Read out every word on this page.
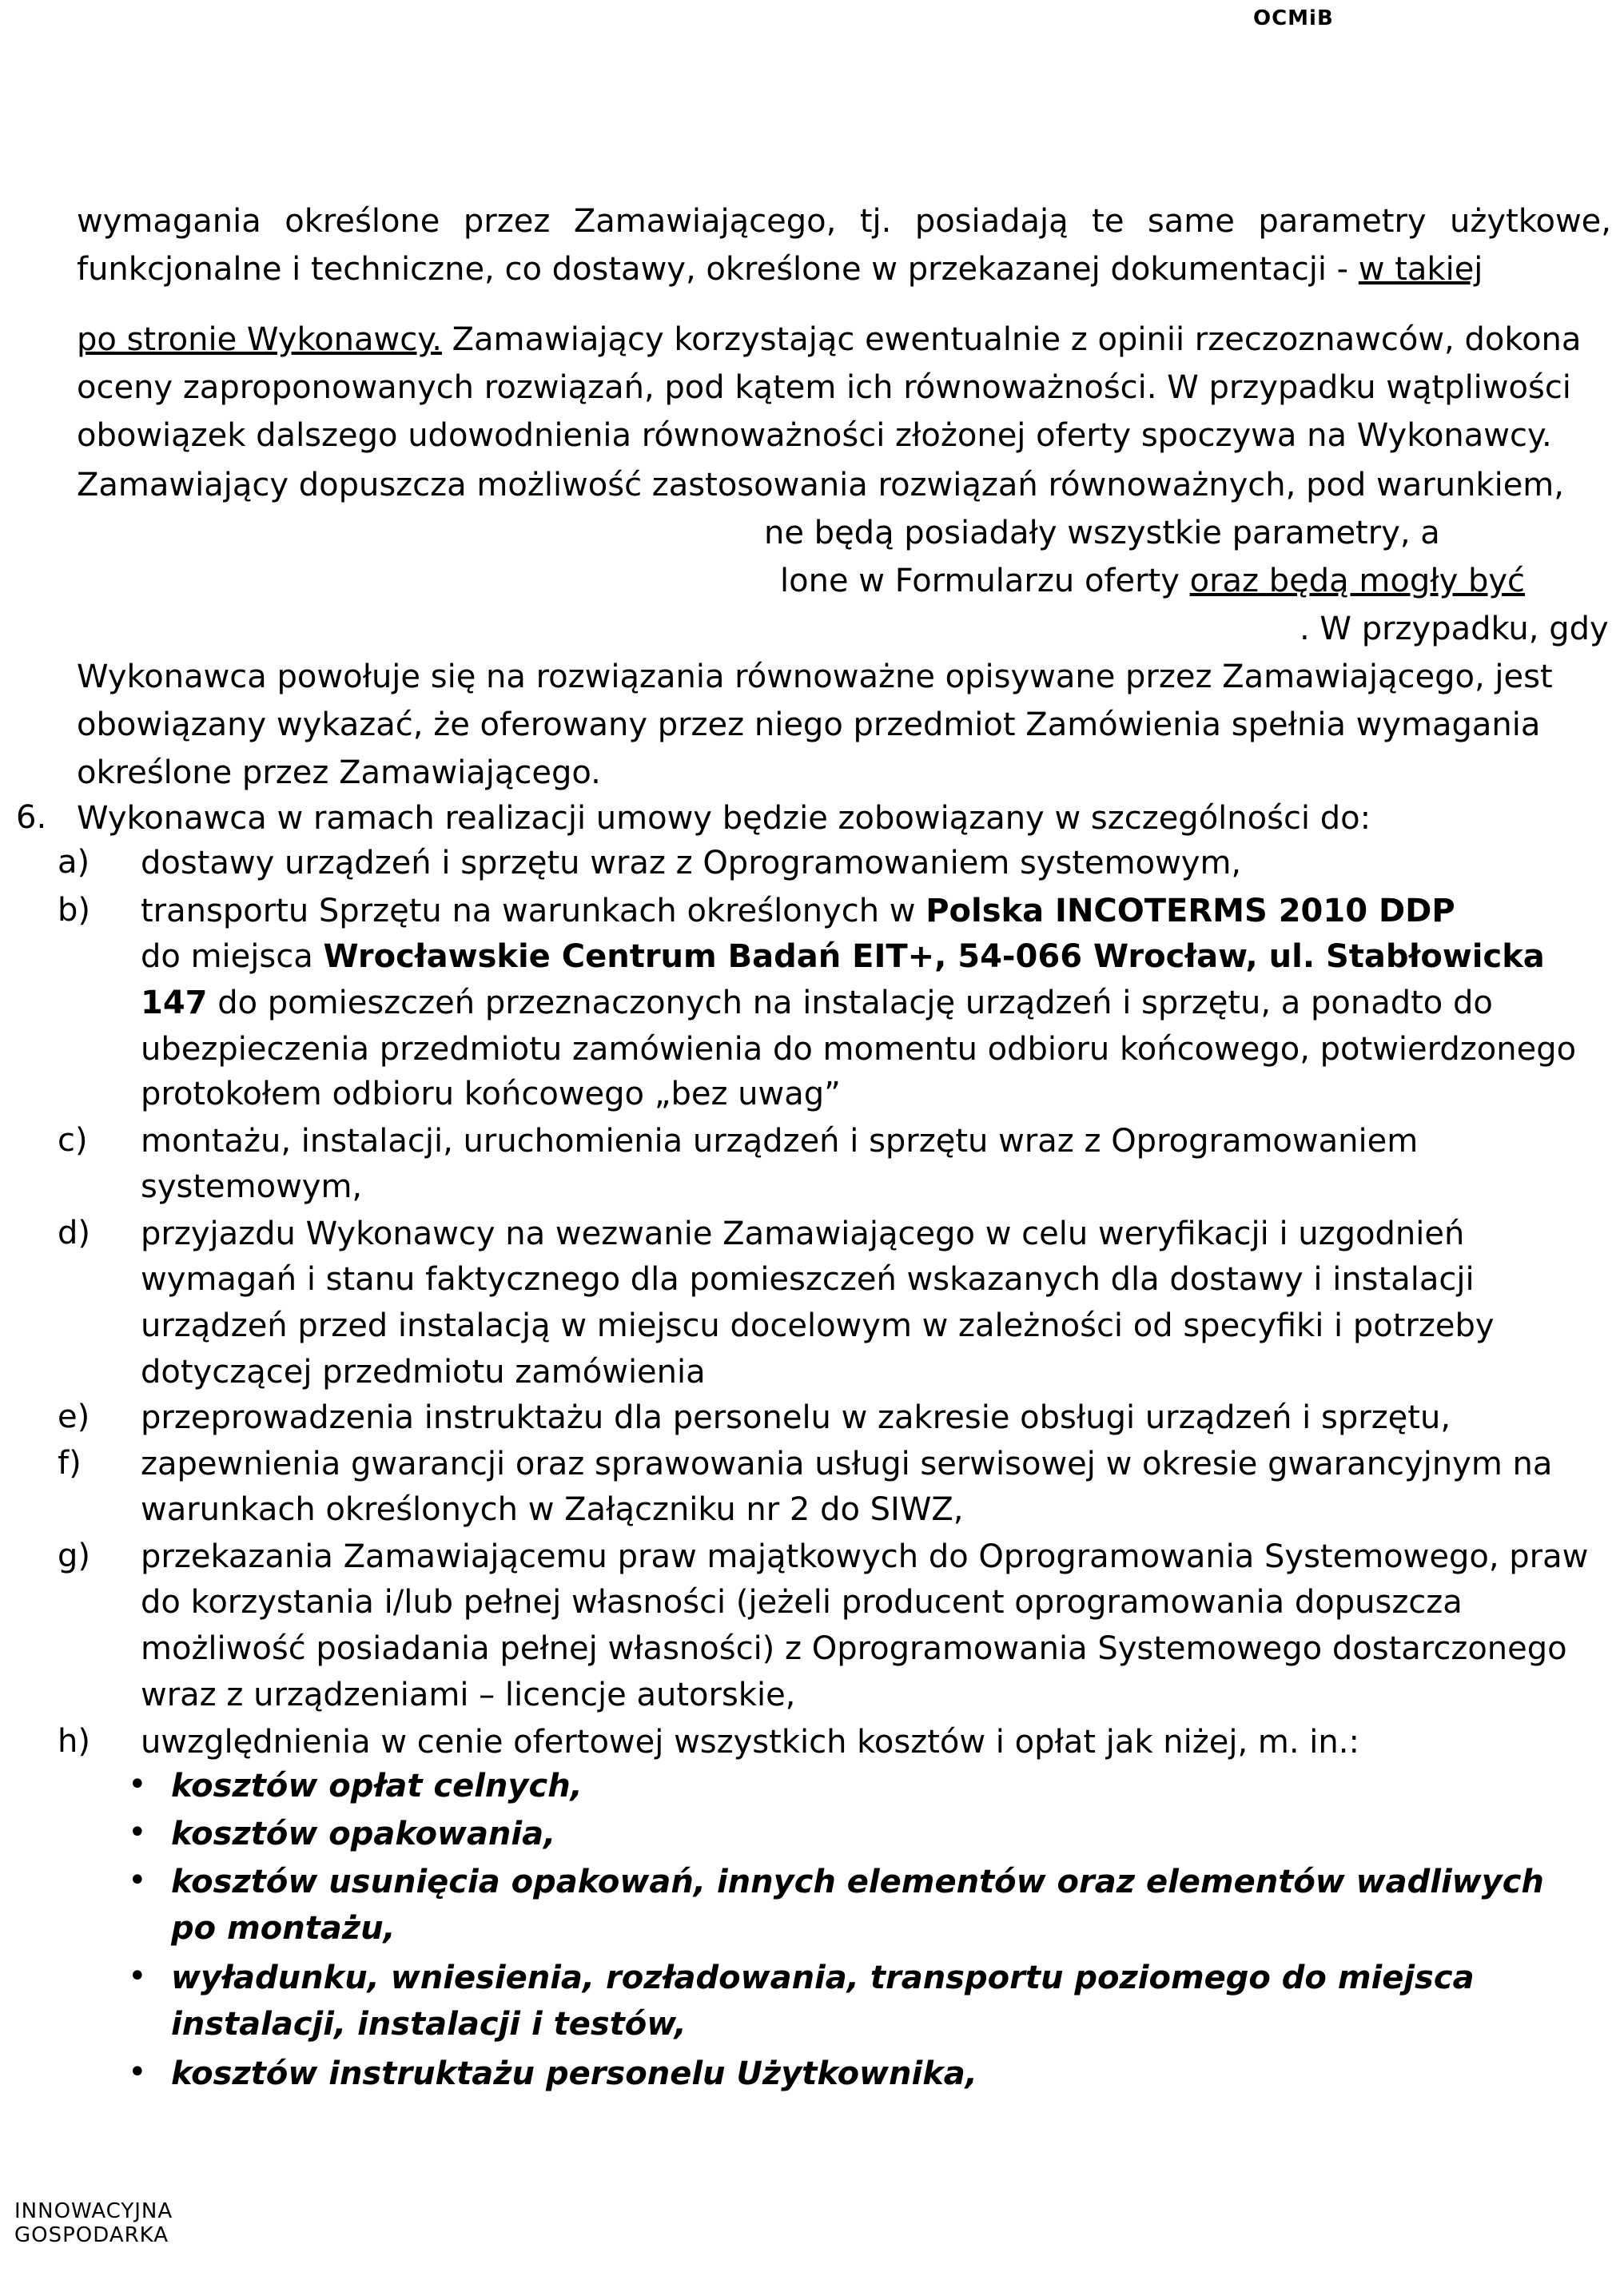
OCMiB
wymagania określone przez Zamawiającego, tj. posiadają te same parametry użytkowe,
funkcjonalne i techniczne, co dostawy, określone w przekazanej dokumentacji - w takiej
po stronie Wykonawcy. Zamawiający korzystając ewentualnie z opinii rzeczoznawców, dokona
oceny zaproponowanych rozwiązań, pod kątem ich równoważności. W przypadku wątpliwości
obowiązek dalszego udowodnienia równoważności złożonej oferty spoczywa na Wykonawcy.
Zamawiający dopuszcza możliwość zastosowania rozwiązań równoważnych, pod warunkiem,
ne będą posiadały wszystkie parametry, a
lone w Formularzu oferty oraz będą mogły być
. W przypadku, gdy
Wykonawca powołuje się na rozwiązania równoważne opisywane przez Zamawiającego, jest
obowiązany wykazać, że oferowany przez niego przedmiot Zamówienia spełnia wymagania
określone przez Zamawiającego.
6. Wykonawca w ramach realizacji umowy będzie zobowiązany w szczególności do:
a) dostawy urządzeń i sprzętu wraz z Oprogramowaniem systemowym,
b) transportu Sprzętu na warunkach określonych w Polska INCOTERMS 2010 DDP
do miejsca Wrocławskie Centrum Badań EIT+, 54-066 Wrocław, ul. Stabłowicka
147 do pomieszczeń przeznaczonych na instalację urządzeń i sprzętu, a ponadto do
ubezpieczenia przedmiotu zamówienia do momentu odbioru końcowego, potwierdzonego
protokołem odbioru końcowego „bez uwag”
c) montażu, instalacji, uruchomienia urządzeń i sprzętu wraz z Oprogramowaniem
systemowym,
d) przyjazdu Wykonawcy na wezwanie Zamawiającego w celu weryfikacji i uzgodnień
wymagań i stanu faktycznego dla pomieszczeń wskazanych dla dostawy i instalacji
urządzeń przed instalacją w miejscu docelowym w zależności od specyfiki i potrzeby
dotyczącej przedmiotu zamówienia
e) przeprowadzenia instruktażu dla personelu w zakresie obsługi urządzeń i sprzętu,
f) zapewnienia gwarancji oraz sprawowania usługi serwisowej w okresie gwarancyjnym na
warunkach określonych w Załączniku nr 2 do SIWZ,
g) przekazania Zamawiającemu praw majątkowych do Oprogramowania Systemowego, praw
do korzystania i/lub pełnej własności (jeżeli producent oprogramowania dopuszcza
możliwość posiadania pełnej własności) z Oprogramowania Systemowego dostarczonego
wraz z urządzeniami – licencje autorskie,
h) uwzględnienia w cenie ofertowej wszystkich kosztów i opłat jak niżej, m. in.:
• kosztów opłat celnych,
• kosztów opakowania,
• kosztów usunięcia opakowań, innych elementów oraz elementów wadliwych
po montażu,
• wyładunku, wniesienia, rozładowania, transportu poziomego do miejsca
instalacji, instalacji i testów,
• kosztów instruktażu personelu Użytkownika,
INNOWACYJNA
GOSPODARKA
